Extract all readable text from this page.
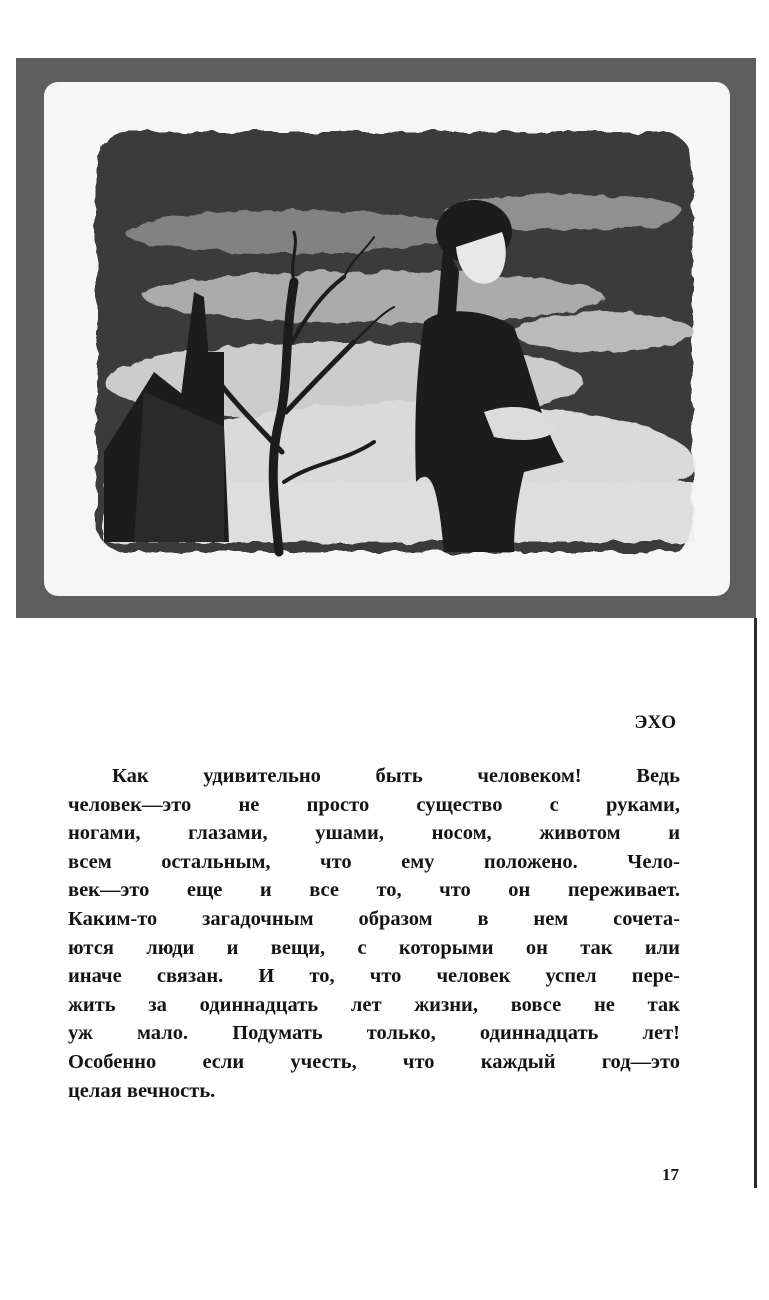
ЭХО

Как удивительно быть человеком! Ведь
человек—это не просто существо с руками,
ногами, глазами, ушами, носом, животом и
всем остальным, что ему положено. Чело-
век—это еще и все то, что он переживает.
Каким-то загадочным образом в нем сочета-
ются люди и вещи, с которыми он так или
иначе связан. И то, что человек успел пере-
жить за одиннадцать лет жизни, вовсе не так
уж мало. Подумать только, одиннадцать лет!
Особенно если учесть, что каждый год—это
целая вечность.

17
